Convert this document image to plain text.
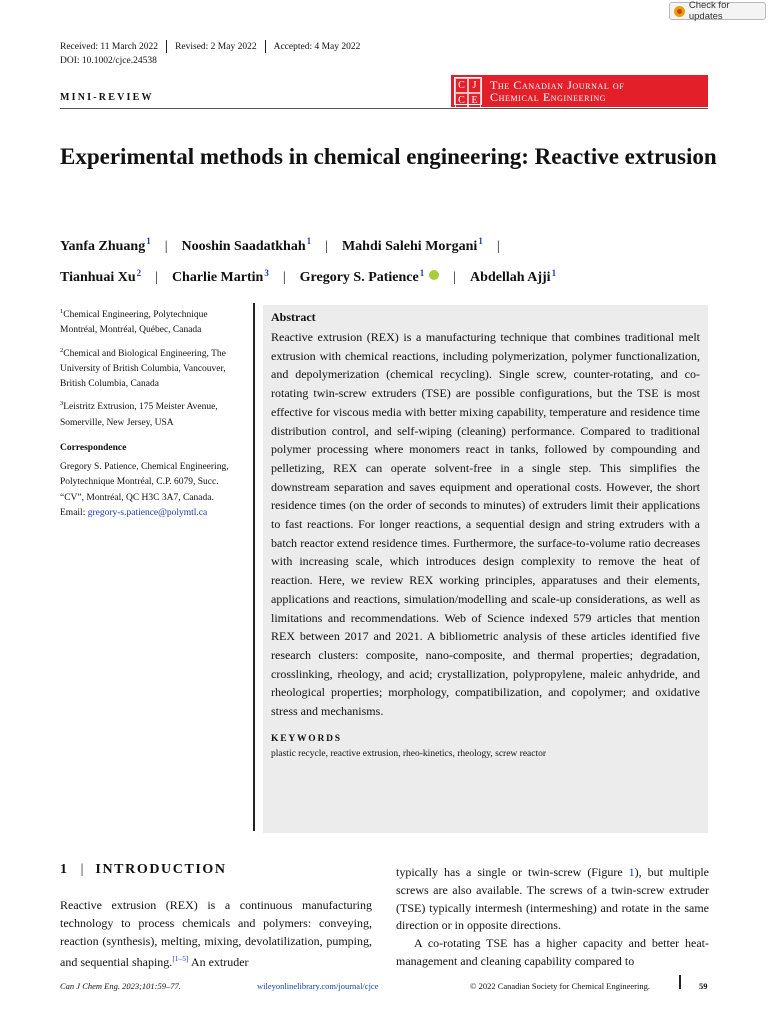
Check for updates
Received: 11 March 2022 Revised: 2 May 2022 Accepted: 4 May 2022
DOI: 10.1002/cjce.24538
C J
C E
The Canadian Journal of
Chemical Engineering
MINI-REVIEW
Experimental methods in chemical engineering: Reactive extrusion
Yanfa Zhuang$^1$ | Nooshin Saadatkhah$^1$ | Mahdi Salehi Morgani$^1$ |
Tianhuai Xu$^2$ | Charlie Martin$^3$ | Gregory S. Patience$^1$ | Abdellah Ajji$^1$

$^1$Chemical Engineering, Polytechnique Montréal, Montréal, Québec, Canada

$^2$Chemical and Biological Engineering, The University of British Columbia, Vancouver, British Columbia, Canada

$^3$Leistritz Extrusion, 175 Meister Avenue, Somerville, New Jersey, USA

Correspondence

Gregory S. Patience, Chemical Engineering, Polytechnique Montréal, C.P. 6079, Succ. “CV”, Montréal, QC H3C 3A7, Canada.
Email: gregory-s.patience@polymtl.ca

Abstract
Reactive extrusion (REX) is a manufacturing technique that combines traditional melt extrusion with chemical reactions, including polymerization, polymer functionalization, and depolymerization (chemical recycling). Single screw, counter-rotating, and co-rotating twin-screw extruders (TSE) are possible configurations, but the TSE is most effective for viscous media with better mixing capability, temperature and residence time distribution control, and self-wiping (cleaning) performance. Compared to traditional polymer processing where monomers react in tanks, followed by compounding and pelletizing, REX can operate solvent-free in a single step. This simplifies the downstream separation and saves equipment and operational costs. However, the short residence times (on the order of seconds to minutes) of extruders limit their applications to fast reactions. For longer reactions, a sequential design and string extruders with a batch reactor extend residence times. Furthermore, the surface-to-volume ratio decreases with increasing scale, which introduces design complexity to remove the heat of reaction. Here, we review REX working principles, apparatuses and their elements, applications and reactions, simulation/modelling and scale-up considerations, as well as limitations and recommendations. Web of Science indexed 579 articles that mention REX between 2017 and 2021. A bibliometric analysis of these articles identified five research clusters: composite, nano-composite, and thermal properties; degradation, crosslinking, rheology, and acid; crystallization, polypropylene, maleic anhydride, and rheological properties; morphology, compatibilization, and copolymer; and oxidative stress and mechanisms.
KEYWORDS
plastic recycle, reactive extrusion, rheo-kinetics, rheology, screw reactor
1 | INTRODUCTION
Reactive extrusion (REX) is a continuous manufacturing technology to process chemicals and polymers: conveying, reaction (synthesis), melting, mixing, devolatilization, pumping, and sequential shaping.[1–5] An extruder

typically has a single or twin-screw (Figure 1), but multiple screws are also available. The screws of a twin-screw extruder (TSE) typically intermesh (intermeshing) and rotate in the same direction or in opposite directions.

A co-rotating TSE has a higher capacity and better heat-management and cleaning capability compared to

Can J Chem Eng. 2023;101:59–77.	wileyonlinelibrary.com/journal/cjce	© 2022 Canadian Society for Chemical Engineering.	59
